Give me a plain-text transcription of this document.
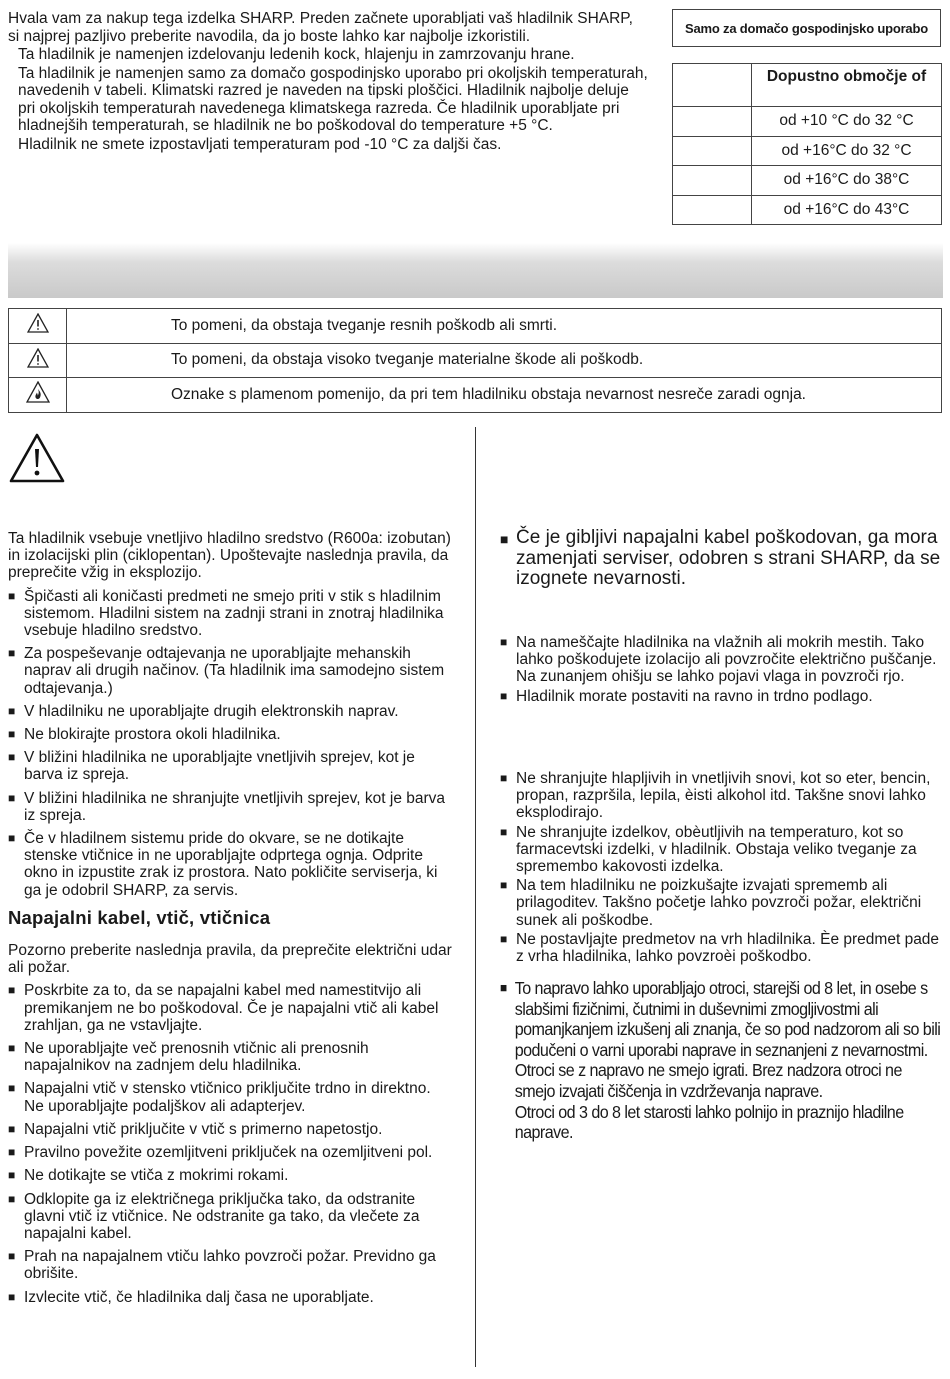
Hvala vam za nakup tega izdelka SHARP. Preden začnete uporabljati vaš hladilnik SHARP, si najprej pazljivo preberite navodila, da jo boste lahko kar najbolje izkoristili.

Ta hladilnik je namenjen izdelovanju ledenih kock, hlajenju in zamrzovanju hrane.

Ta hladilnik je namenjen samo za domačo gospodinjsko uporabo pri okoljskih temperaturah, navedenih v tabeli. Klimatski razred je naveden na tipski ploščici. Hladilnik najbolje deluje pri okoljskih temperaturah navedenega klimatskega razreda. Če hladilnik uporabljate pri hladnejših temperaturah, se hladilnik ne bo poškodoval do temperature +5 °C.

Hladilnik ne smete izpostavljati temperaturam pod -10 °C za daljši čas.

Samo za domačo gospodinjsko uporabo
	Dopustno območje of
	od +10 °C do 32 °C
	od +16°C do 32 °C
	od +16°C do 38°C
	od +16°C do 43°C
	To pomeni, da obstaja tveganje resnih poškodb ali smrti.
	To pomeni, da obstaja visoko tveganje materialne škode ali poškodb.
	Oznake s plamenom pomenijo, da pri tem hladilniku obstaja nevarnost nesreče zaradi ognja.

Ta hladilnik vsebuje vnetljivo hladilno sredstvo (R600a: izobutan) in izolacijski plin (ciklopentan). Upoštevajte naslednja pravila, da preprečite vžig in eksplozijo.

■ Špičasti ali koničasti predmeti ne smejo priti v stik s hladilnim sistemom. Hladilni sistem na zadnji strani in znotraj hladilnika vsebuje hladilno sredstvo.

■ Za pospeševanje odtajevanja ne uporabljajte mehanskih naprav ali drugih načinov. (Ta hladilnik ima samodejno sistem odtajevanja.)

■ V hladilniku ne uporabljajte drugih elektronskih naprav.

■ Ne blokirajte prostora okoli hladilnika.

■ V bližini hladilnika ne uporabljajte vnetljivih sprejev, kot je barva iz spreja.

■ V bližini hladilnika ne shranjujte vnetljivih sprejev, kot je barva iz spreja.

■ Če v hladilnem sistemu pride do okvare, se ne dotikajte stenske vtičnice in ne uporabljajte odprtega ognja. Odprite okno in izpustite zrak iz prostora. Nato pokličite serviserja, ki ga je odobril SHARP, za servis.

Napajalni kabel, vtič, vtičnica

Pozorno preberite naslednja pravila, da preprečite električni udar ali požar.

■ Poskrbite za to, da se napajalni kabel med namestitvijo ali premikanjem ne bo poškodoval. Če je napajalni vtič ali kabel zrahljan, ga ne vstavljajte.

■ Ne uporabljajte več prenosnih vtičnic ali prenosnih napajalnikov na zadnjem delu hladilnika.

■ Napajalni vtič v stensko vtičnico priključite trdno in direktno. Ne uporabljajte podaljškov ali adapterjev.

■ Napajalni vtič priključite v vtič s primerno napetostjo.

■ Pravilno povežite ozemljitveni priključek na ozemljitveni pol.

■ Ne dotikajte se vtiča z mokrimi rokami.

■ Odklopite ga iz električnega priključka tako, da odstranite glavni vtič iz vtičnice. Ne odstranite ga tako, da vlečete za napajalni kabel.

■ Prah na napajalnem vtiču lahko povzroči požar. Previdno ga obrišite.

■ Izvlecite vtič, če hladilnika dalj časa ne uporabljate.

■ Če je gibljivi napajalni kabel poškodovan, ga mora zamenjati serviser, odobren s strani SHARP, da se izognete nevarnosti.

■ Na nameščajte hladilnika na vlažnih ali mokrih mestih. Tako lahko poškodujete izolacijo ali povzročite električno puščanje. Na zunanjem ohišju se lahko pojavi vlaga in povzroči rjo.

■ Hladilnik morate postaviti na ravno in trdno podlago.

■ Ne shranjujte hlapljivih in vnetljivih snovi, kot so eter, bencin, propan, razpršila, lepila, èisti alkohol itd. Takšne snovi lahko eksplodirajo.

■ Ne shranjujte izdelkov, obèutljivih na temperaturo, kot so farmacevtski izdelki, v hladilnik. Obstaja veliko tveganje za spremembo kakovosti izdelka.

■ Na tem hladilniku ne poizkušajte izvajati sprememb ali prilagoditev. Takšno početje lahko povzroči požar, električni sunek ali poškodbe.

■ Ne postavljajte predmetov na vrh hladilnika. Èe predmet pade z vrha hladilnika, lahko povzroèi poškodbo.

■ To napravo lahko uporabljajo otroci, starejši od 8 let, in osebe s slabšimi fizičnimi, čutnimi in duševnimi zmogljivostmi ali pomanjkanjem izkušenj ali znanja, če so pod nadzorom ali so bili podučeni o varni uporabi naprave in seznanjeni z nevarnostmi. Otroci se z napravo ne smejo igrati. Brez nadzora otroci ne smejo izvajati čiščenja in vzdrževanja naprave.
Otroci od 3 do 8 let starosti lahko polnijo in praznijo hladilne naprave.
